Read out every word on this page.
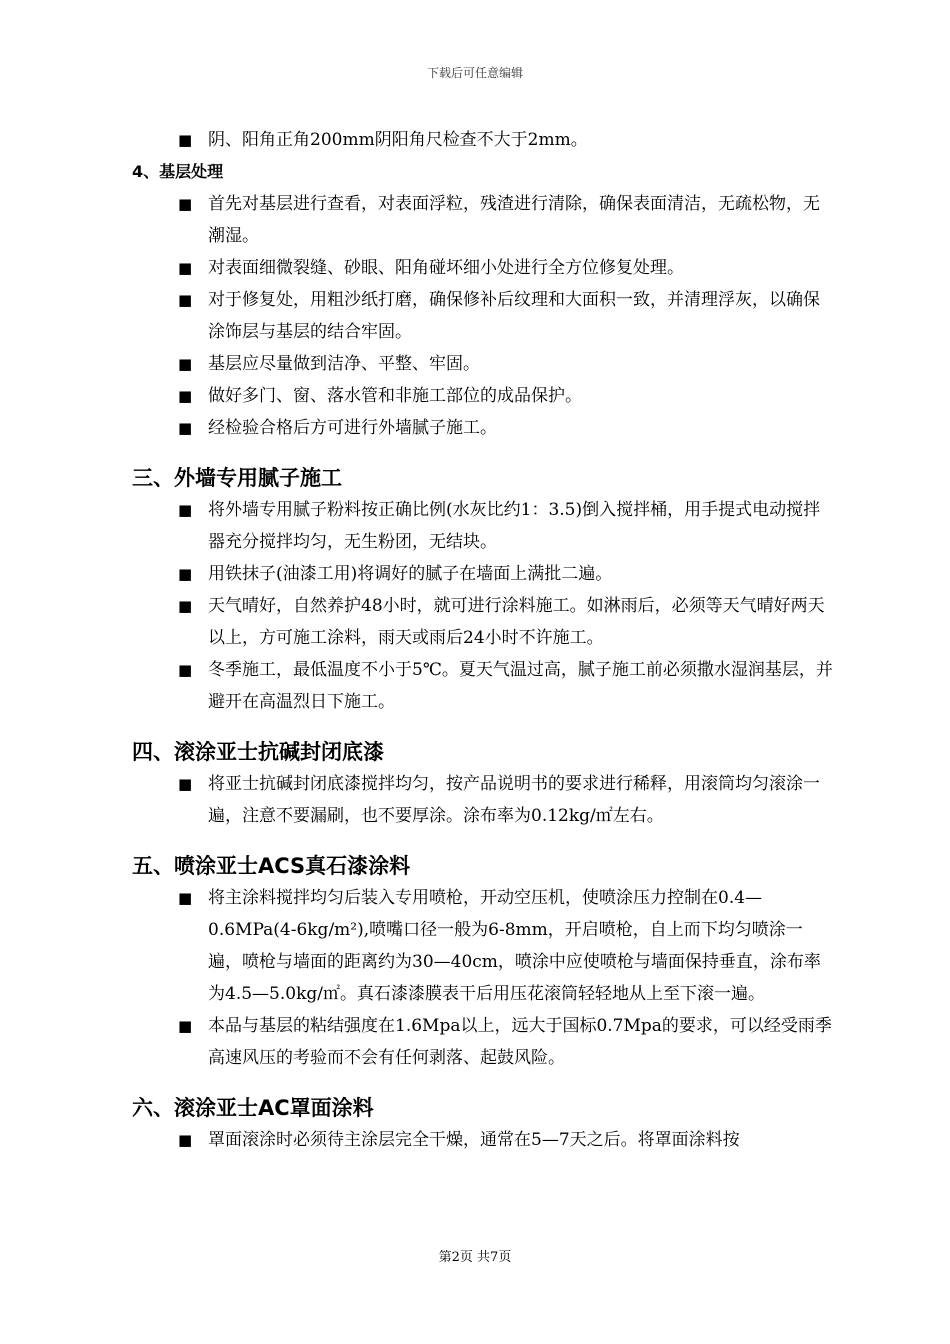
下载后可任意编辑
■ 阴、阳角正角200mm阴阳角尺检查不大于2mm。
4、基层处理
■ 首先对基层进行查看，对表面浮粒，残渣进行清除，确保表面清洁，无疏松物，无潮湿。
■ 对表面细微裂缝、砂眼、阳角碰坏细小处进行全方位修复处理。
■ 对于修复处，用粗沙纸打磨，确保修补后纹理和大面积一致，并清理浮灰，以确保涂饰层与基层的结合牢固。
■ 基层应尽量做到洁净、平整、牢固。
■ 做好多门、窗、落水管和非施工部位的成品保护。
■ 经检验合格后方可进行外墙腻子施工。
三、外墙专用腻子施工
■ 将外墙专用腻子粉料按正确比例(水灰比约1：3.5)倒入搅拌桶，用手提式电动搅拌器充分搅拌均匀，无生粉团，无结块。
■ 用铁抹子(油漆工用)将调好的腻子在墙面上满批二遍。
■ 天气晴好，自然养护48小时，就可进行涂料施工。如淋雨后，必须等天气晴好两天以上，方可施工涂料，雨天或雨后24小时不许施工。
■ 冬季施工，最低温度不小于5℃。夏天气温过高，腻子施工前必须撒水湿润基层，并避开在高温烈日下施工。
四、滚涂亚士抗碱封闭底漆
■ 将亚士抗碱封闭底漆搅拌均匀，按产品说明书的要求进行稀释，用滚筒均匀滚涂一遍，注意不要漏刷，也不要厚涂。涂布率为0.12kg/㎡左右。
五、喷涂亚士ACS真石漆涂料
■ 将主涂料搅拌均匀后装入专用喷枪，开动空压机，使喷涂压力控制在0.4—0.6MPa(4-6kg/m²),喷嘴口径一般为6-8mm，开启喷枪，自上而下均匀喷涂一遍，喷枪与墙面的距离约为30—40cm，喷涂中应使喷枪与墙面保持垂直，涂布率为4.5—5.0kg/㎡。真石漆漆膜表干后用压花滚筒轻轻地从上至下滚一遍。
■ 本品与基层的粘结强度在1.6Mpa以上，远大于国标0.7Mpa的要求，可以经受雨季高速风压的考验而不会有任何剥落、起鼓风险。
六、滚涂亚士AC罩面涂料
■ 罩面滚涂时必须待主涂层完全干燥，通常在5—7天之后。将罩面涂料按
第2页 共7页
